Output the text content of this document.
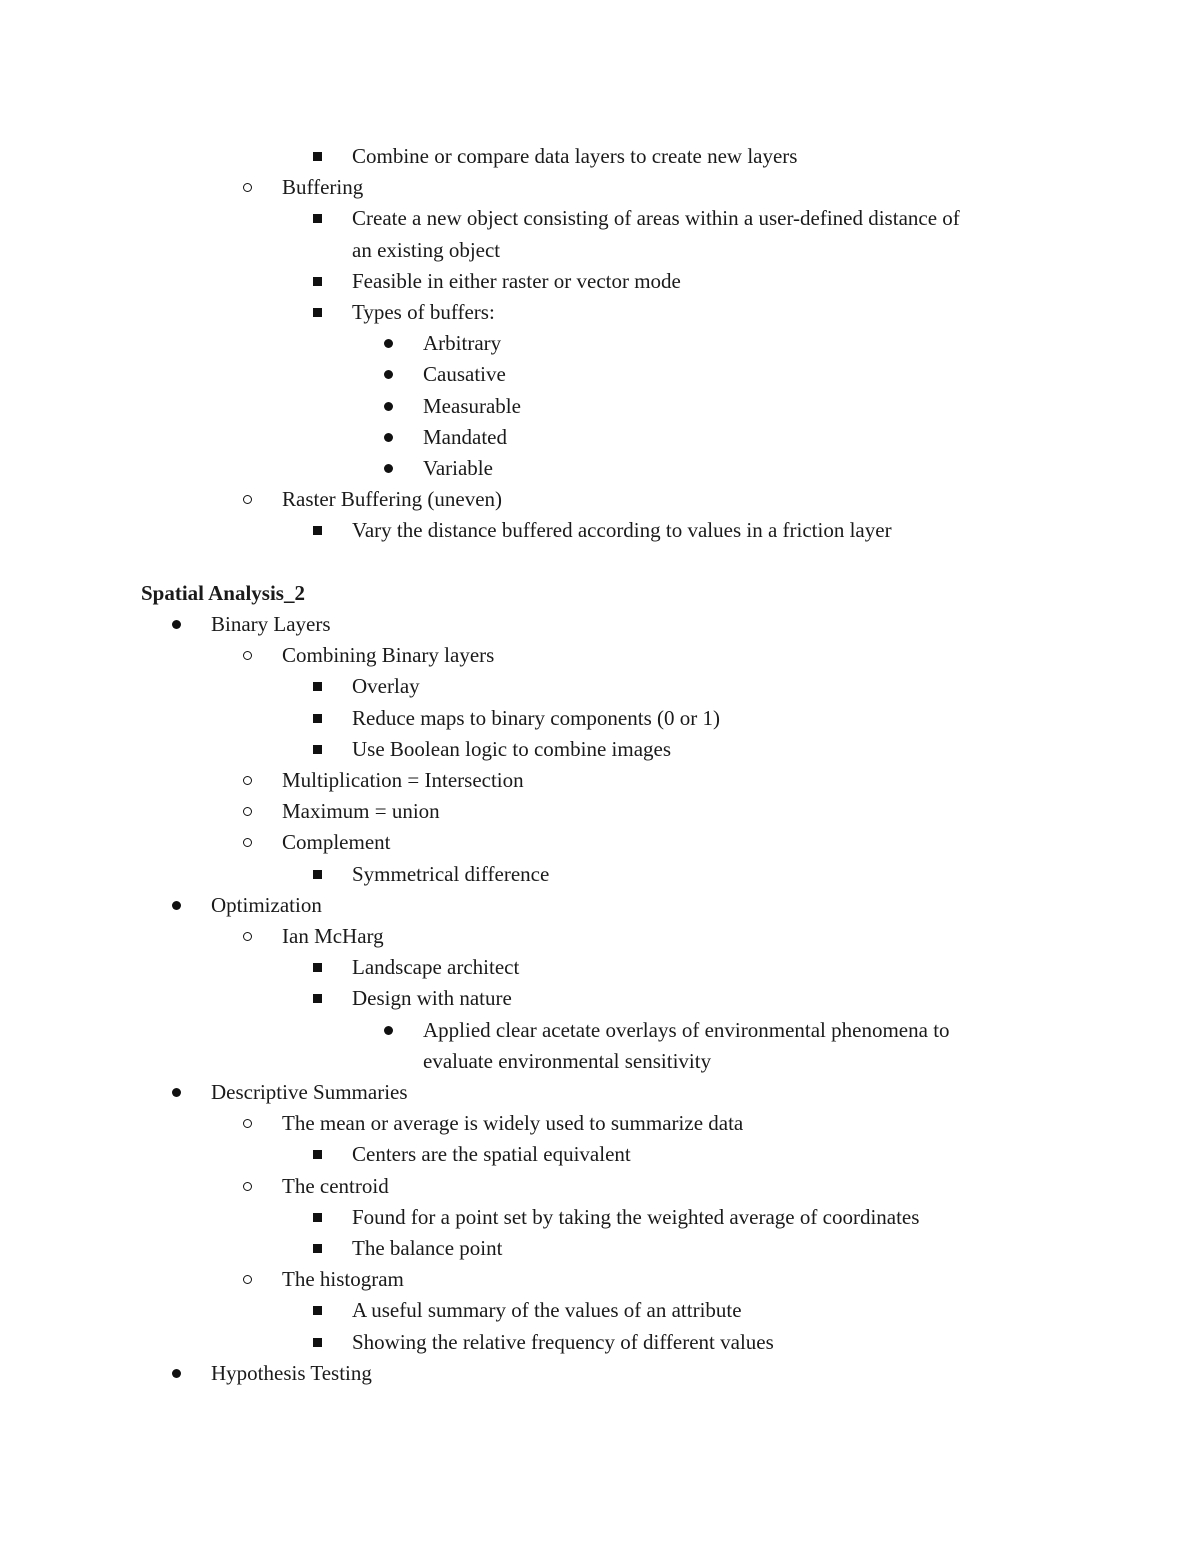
Combine or compare data layers to create new layers
Buffering
Create a new object consisting of areas within a user-defined distance of
an existing object
Feasible in either raster or vector mode
Types of buffers:
Arbitrary
Causative
Measurable
Mandated
Variable
Raster Buffering (uneven)
Vary the distance buffered according to values in a friction layer
Spatial Analysis_2
Binary Layers
Combining Binary layers
Overlay
Reduce maps to binary components (0 or 1)
Use Boolean logic to combine images
Multiplication = Intersection
Maximum = union
Complement
Symmetrical difference
Optimization
Ian McHarg
Landscape architect
Design with nature
Applied clear acetate overlays of environmental phenomena to
evaluate environmental sensitivity
Descriptive Summaries
The mean or average is widely used to summarize data
Centers are the spatial equivalent
The centroid
Found for a point set by taking the weighted average of coordinates
The balance point
The histogram
A useful summary of the values of an attribute
Showing the relative frequency of different values
Hypothesis Testing
